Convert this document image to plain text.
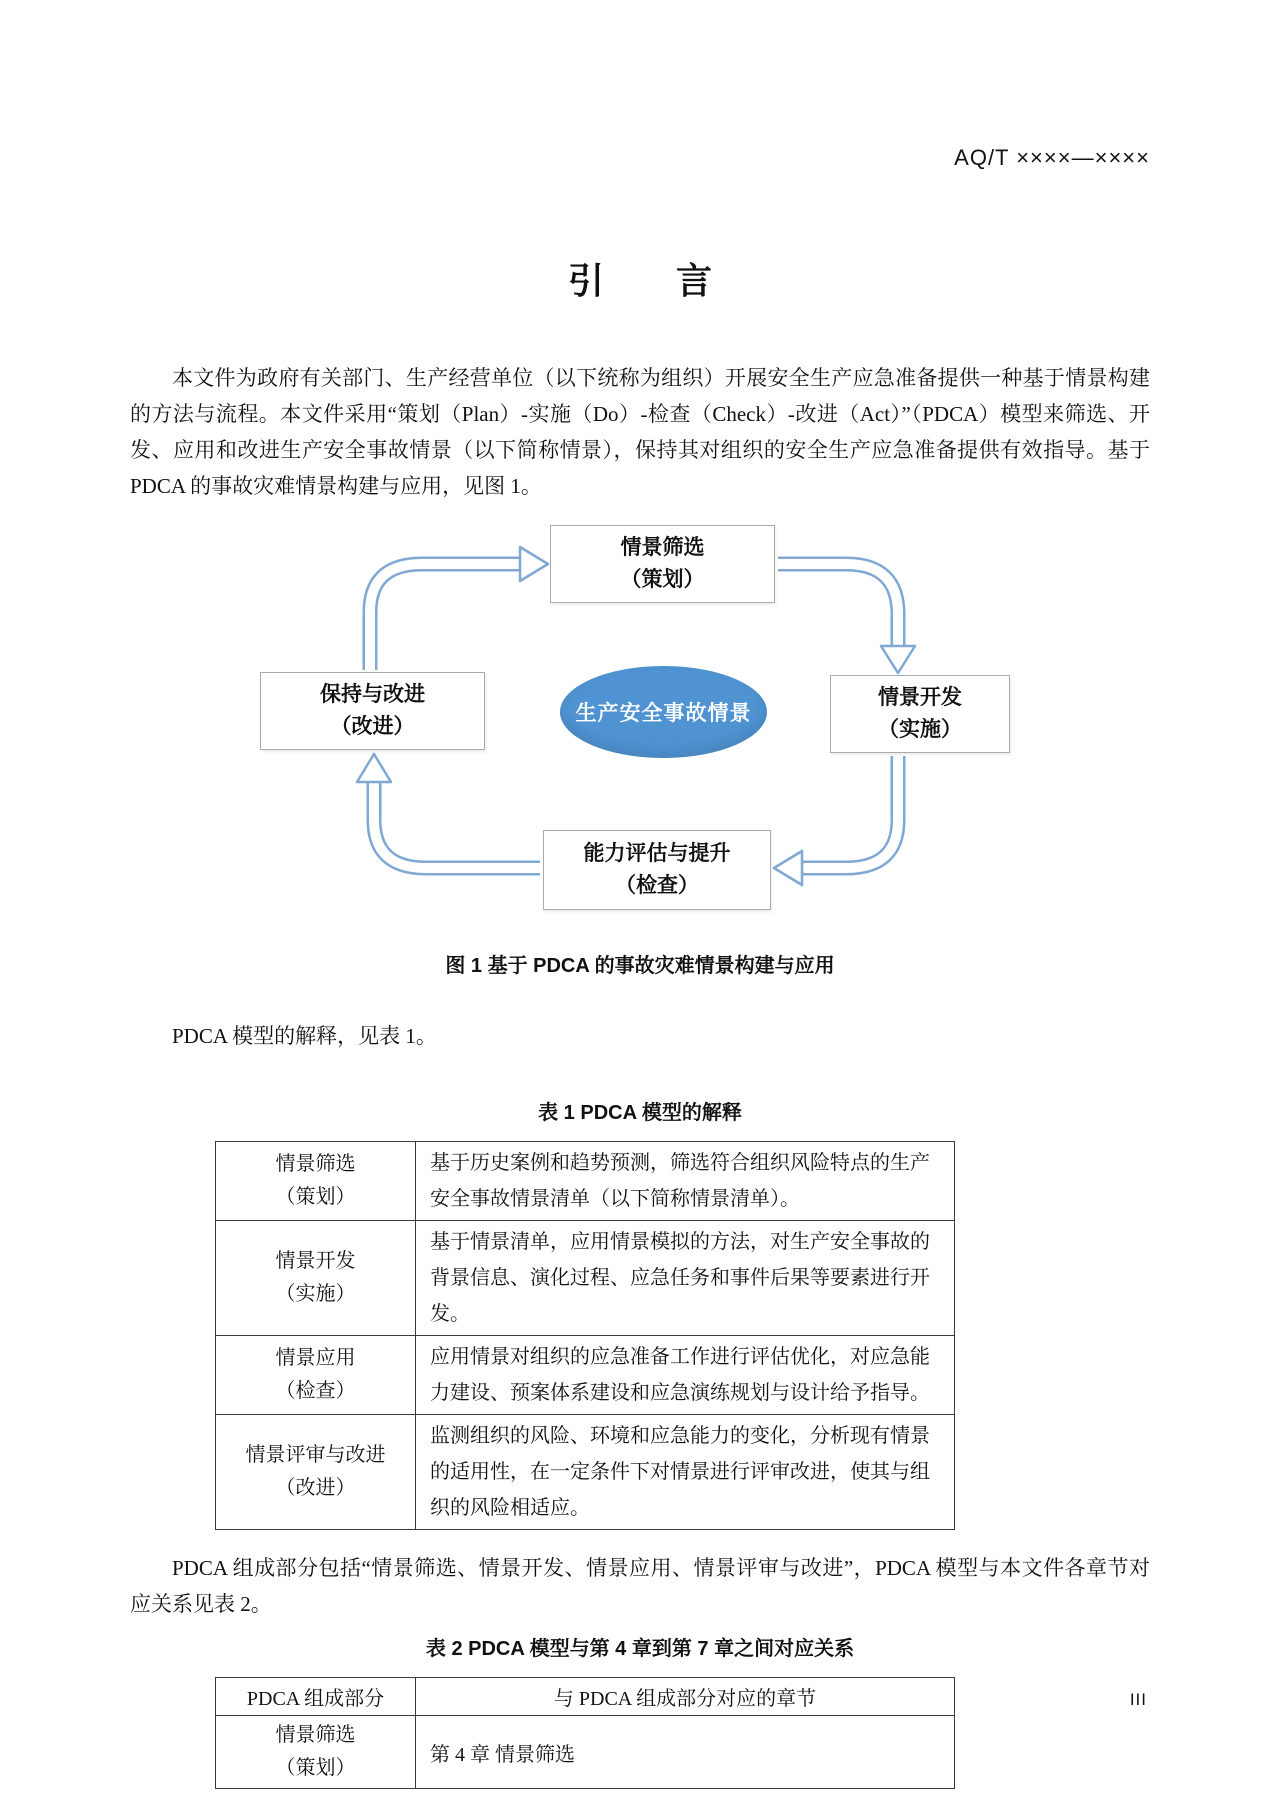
AQ/T ××××—××××
引　　言

本文件为政府有关部门、生产经营单位（以下统称为组织）开展安全生产应急准备提供一种基于情景构建的方法与流程。本文件采用“策划（Plan）-实施（Do）-检查（Check）-改进（Act）”（PDCA）模型来筛选、开发、应用和改进生产安全事故情景（以下简称情景），保持其对组织的安全生产应急准备提供有效指导。基于 PDCA 的事故灾难情景构建与应用，见图 1。

情景筛选
（策划）
保持与改进
（改进）
情景开发
（实施）
能力评估与提升
（检查）
生产安全事故情景
图 1 基于 PDCA 的事故灾难情景构建与应用

PDCA 模型的解释，见表 1。

表 1 PDCA 模型的解释
情景筛选
（策划）	基于历史案例和趋势预测，筛选符合组织风险特点的生产安全事故情景清单（以下简称情景清单）。

情景开发
（实施）	基于情景清单，应用情景模拟的方法，对生产安全事故的背景信息、演化过程、应急任务和事件后果等要素进行开发。

情景应用
（检查）	应用情景对组织的应急准备工作进行评估优化，对应急能力建设、预案体系建设和应急演练规划与设计给予指导。

情景评审与改进
（改进）	监测组织的风险、环境和应急能力的变化，分析现有情景的适用性，在一定条件下对情景进行评审改进，使其与组织的风险相适应。

PDCA 组成部分包括“情景筛选、情景开发、情景应用、情景评审与改进”，PDCA 模型与本文件各章节对应关系见表 2。

表 2 PDCA 模型与第 4 章到第 7 章之间对应关系
PDCA 组成部分	与 PDCA 组成部分对应的章节

情景筛选
（策划）	第 4 章 情景筛选
III
